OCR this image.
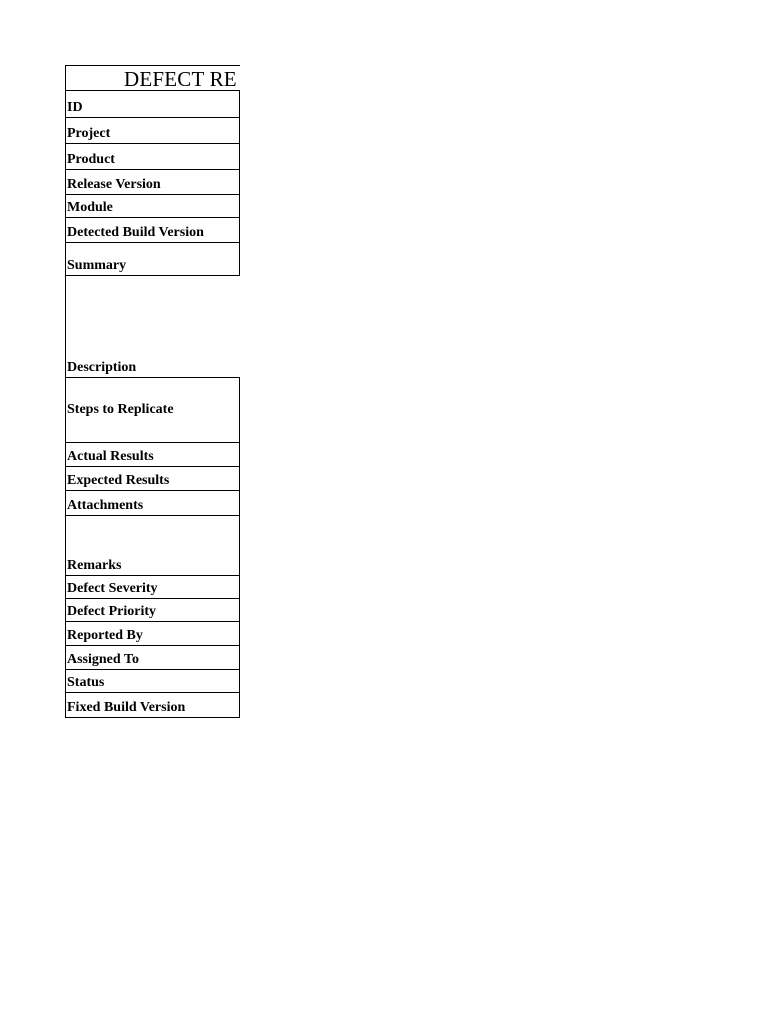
DEFECT RE
ID
Project
Product
Release Version
Module
Detected Build Version
Summary
Description
Steps to Replicate
Actual Results
Expected Results
Attachments
Remarks
Defect Severity
Defect Priority
Reported By
Assigned To
Status
Fixed Build Version
